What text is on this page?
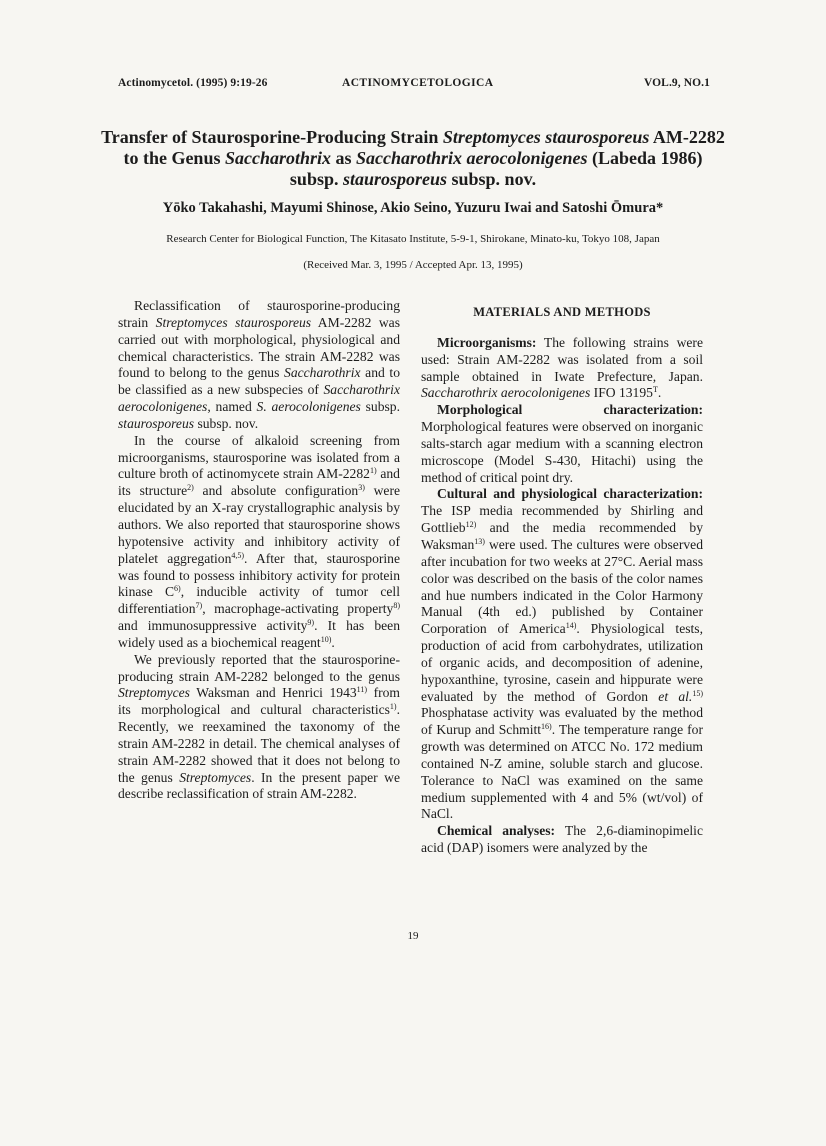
Actinomycetol. (1995) 9:19-26	ACTINOMYCETOLOGICA	VOL.9, NO.1
Transfer of Staurosporine-Producing Strain Streptomyces staurosporeus AM-2282
to the Genus Saccharothrix as Saccharothrix aerocolonigenes (Labeda 1986)
subsp. staurosporeus subsp. nov.
Yōko Takahashi, Mayumi Shinose, Akio Seino, Yuzuru Iwai and Satoshi Ōmura*
Research Center for Biological Function, The Kitasato Institute, 5-9-1, Shirokane, Minato-ku, Tokyo 108, Japan
(Received Mar. 3, 1995 / Accepted Apr. 13, 1995)

Reclassification of staurosporine-producing strain Streptomyces staurosporeus AM-2282 was carried out with morphological, physiological and chemical characteristics. The strain AM-2282 was found to belong to the genus Saccharothrix and to be classified as a new subspecies of Saccharothrix aerocolonigenes, named S. aerocolonigenes subsp. staurosporeus subsp. nov.

In the course of alkaloid screening from microorganisms, staurosporine was isolated from a culture broth of actinomycete strain AM-2282$^{1)}$ and its structure$^{2)}$ and absolute configuration$^{3)}$ were elucidated by an X-ray crystallographic analysis by authors. We also reported that staurosporine shows hypotensive activity and inhibitory activity of platelet aggregation$^{4,5)}$. After that, staurosporine was found to possess inhibitory activity for protein kinase $C^{6)}$, inducible activity of tumor cell differentiation$^{7)}$, macrophage-activating property$^{8)}$ and immunosuppressive activity$^{9)}$. It has been widely used as a biochemical reagent$^{10)}$.

We previously reported that the staurosporine-producing strain AM-2282 belonged to the genus Streptomyces Waksman and Henrici 1943$^{11)}$ from its morphological and cultural characteristics$^{1)}$. Recently, we reexamined the taxonomy of the strain AM-2282 in detail. The chemical analyses of strain AM-2282 showed that it does not belong to the genus Streptomyces. In the present paper we describe reclassification of strain AM-2282.

MATERIALS AND METHODS

Microorganisms: The following strains were used: Strain AM-2282 was isolated from a soil sample obtained in Iwate Prefecture, Japan. Saccharothrix aerocolonigenes IFO $13195^T$.

Morphological characterization: Morphological features were observed on inorganic salts-starch agar medium with a scanning electron microscope (Model S-430, Hitachi) using the method of critical point dry.

Cultural and physiological characterization: The ISP media recommended by Shirling and Gottlieb$^{12)}$ and the media recommended by Waksman$^{13)}$ were used. The cultures were observed after incubation for two weeks at 27°C. Aerial mass color was described on the basis of the color names and hue numbers indicated in the Color Harmony Manual (4th ed.) published by Container Corporation of America$^{14)}$. Physiological tests, production of acid from carbohydrates, utilization of organic acids, and decomposition of adenine, hypoxanthine, tyrosine, casein and hippurate were evaluated by the method of Gordon et al.$^{15)}$ Phosphatase activity was evaluated by the method of Kurup and Schmitt$^{16)}$. The temperature range for growth was determined on ATCC No. 172 medium contained N-Z amine, soluble starch and glucose. Tolerance to NaCl was examined on the same medium supplemented with 4 and 5% (wt/vol) of NaCl.

Chemical analyses: The 2,6-diaminopimelic acid (DAP) isomers were analyzed by the

19
